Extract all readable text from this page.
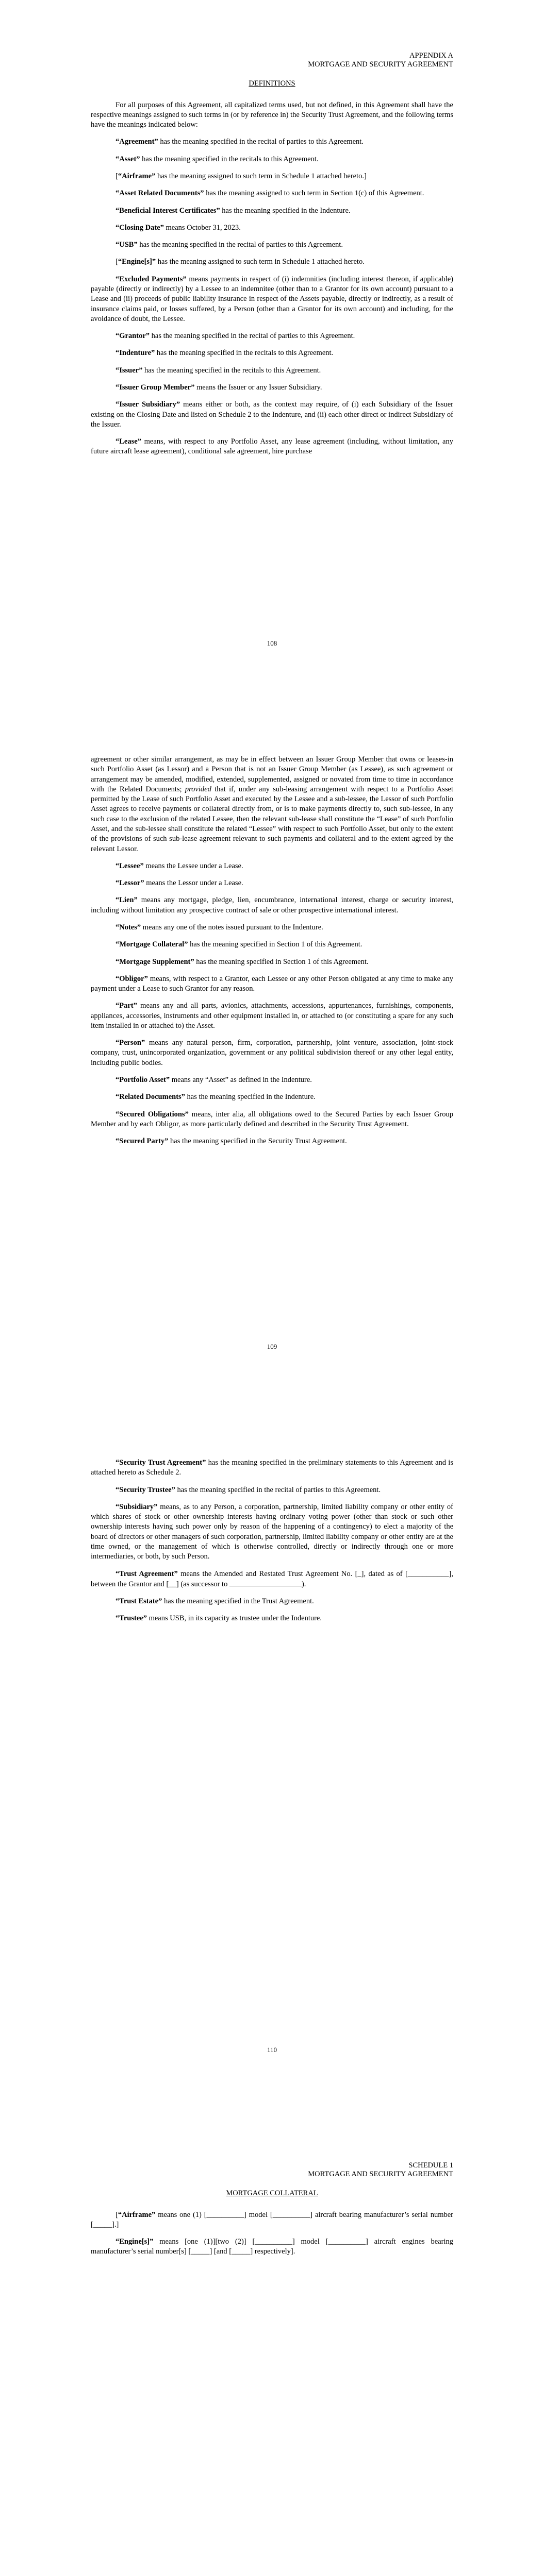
APPENDIX A
MORTGAGE AND SECURITY AGREEMENT
DEFINITIONS

For all purposes of this Agreement, all capitalized terms used, but not defined, in this Agreement shall have the respective meanings assigned to such terms in (or by reference in) the Security Trust Agreement, and the following terms have the meanings indicated below:

“Agreement” has the meaning specified in the recital of parties to this Agreement.

“Asset” has the meaning specified in the recitals to this Agreement.

[“Airframe” has the meaning assigned to such term in Schedule 1 attached hereto.]

“Asset Related Documents” has the meaning assigned to such term in Section 1(c) of this Agreement.

“Beneficial Interest Certificates” has the meaning specified in the Indenture.

“Closing Date” means October 31, 2023.

“USB” has the meaning specified in the recital of parties to this Agreement.

[“Engine[s]” has the meaning assigned to such term in Schedule 1 attached hereto.

“Excluded Payments” means payments in respect of (i) indemnities (including interest thereon, if applicable) payable (directly or indirectly) by a Lessee to an indemnitee (other than to a Grantor for its own account) pursuant to a Lease and (ii) proceeds of public liability insurance in respect of the Assets payable, directly or indirectly, as a result of insurance claims paid, or losses suffered, by a Person (other than a Grantor for its own account) and including, for the avoidance of doubt, the Lessee.

“Grantor” has the meaning specified in the recital of parties to this Agreement.

“Indenture” has the meaning specified in the recitals to this Agreement.

“Issuer” has the meaning specified in the recitals to this Agreement.

“Issuer Group Member” means the Issuer or any Issuer Subsidiary.

“Issuer Subsidiary” means either or both, as the context may require, of (i) each Subsidiary of the Issuer existing on the Closing Date and listed on Schedule 2 to the Indenture, and (ii) each other direct or indirect Subsidiary of the Issuer.

“Lease” means, with respect to any Portfolio Asset, any lease agreement (including, without limitation, any future aircraft lease agreement), conditional sale agreement, hire purchase

108

agreement or other similar arrangement, as may be in effect between an Issuer Group Member that owns or leases-in such Portfolio Asset (as Lessor) and a Person that is not an Issuer Group Member (as Lessee), as such agreement or arrangement may be amended, modified, extended, supplemented, assigned or novated from time to time in accordance with the Related Documents; provided that if, under any sub-leasing arrangement with respect to a Portfolio Asset permitted by the Lease of such Portfolio Asset and executed by the Lessee and a sub-lessee, the Lessor of such Portfolio Asset agrees to receive payments or collateral directly from, or is to make payments directly to, such sub-lessee, in any such case to the exclusion of the related Lessee, then the relevant sub-lease shall constitute the “Lease” of such Portfolio Asset, and the sub-lessee shall constitute the related “Lessee” with respect to such Portfolio Asset, but only to the extent of the provisions of such sub-lease agreement relevant to such payments and collateral and to the extent agreed by the relevant Lessor.

“Lessee” means the Lessee under a Lease.

“Lessor” means the Lessor under a Lease.

“Lien” means any mortgage, pledge, lien, encumbrance, international interest, charge or security interest, including without limitation any prospective contract of sale or other prospective international interest.

“Notes” means any one of the notes issued pursuant to the Indenture.

“Mortgage Collateral” has the meaning specified in Section 1 of this Agreement.

“Mortgage Supplement” has the meaning specified in Section 1 of this Agreement.

“Obligor” means, with respect to a Grantor, each Lessee or any other Person obligated at any time to make any payment under a Lease to such Grantor for any reason.

“Part” means any and all parts, avionics, attachments, accessions, appurtenances, furnishings, components, appliances, accessories, instruments and other equipment installed in, or attached to (or constituting a spare for any such item installed in or attached to) the Asset.

“Person” means any natural person, firm, corporation, partnership, joint venture, association, joint-stock company, trust, unincorporated organization, government or any political subdivision thereof or any other legal entity, including public bodies.

“Portfolio Asset” means any “Asset” as defined in the Indenture.

“Related Documents” has the meaning specified in the Indenture.

“Secured Obligations” means, inter alia, all obligations owed to the Secured Parties by each Issuer Group Member and by each Obligor, as more particularly defined and described in the Security Trust Agreement.

“Secured Party” has the meaning specified in the Security Trust Agreement.

109

“Security Trust Agreement” has the meaning specified in the preliminary statements to this Agreement and is attached hereto as Schedule 2.

“Security Trustee” has the meaning specified in the recital of parties to this Agreement.

“Subsidiary” means, as to any Person, a corporation, partnership, limited liability company or other entity of which shares of stock or other ownership interests having ordinary voting power (other than stock or such other ownership interests having such power only by reason of the happening of a contingency) to elect a majority of the board of directors or other managers of such corporation, partnership, limited liability company or other entity are at the time owned, or the management of which is otherwise controlled, directly or indirectly through one or more intermediaries, or both, by such Person.

“Trust Agreement” means the Amended and Restated Trust Agreement No. [_], dated as of [___________], between the Grantor and [__] (as successor to	).

“Trust Estate” has the meaning specified in the Trust Agreement.

“Trustee” means USB, in its capacity as trustee under the Indenture.

110
SCHEDULE 1
MORTGAGE AND SECURITY AGREEMENT
MORTGAGE COLLATERAL

[“Airframe” means one (1) [__________] model [__________] aircraft bearing manufacturer’s serial number [_____].]

“Engine[s]” means [one (1)][two (2)] [__________] model [__________] aircraft engines bearing manufacturer’s serial number[s] [_____] [and [_____] respectively].
